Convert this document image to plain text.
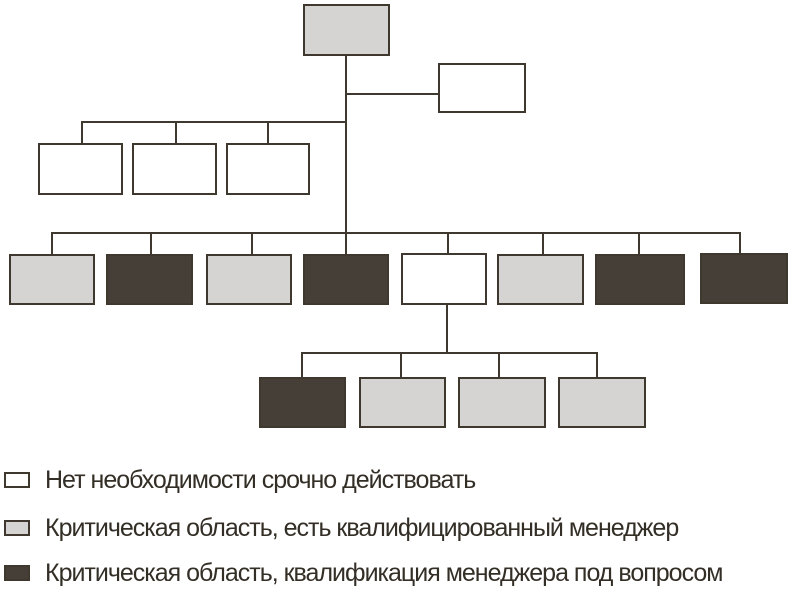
Нет необходимости срочно действовать
Критическая область, есть квалифицированный менеджер
Критическая область, квалификация менеджера под вопросом
